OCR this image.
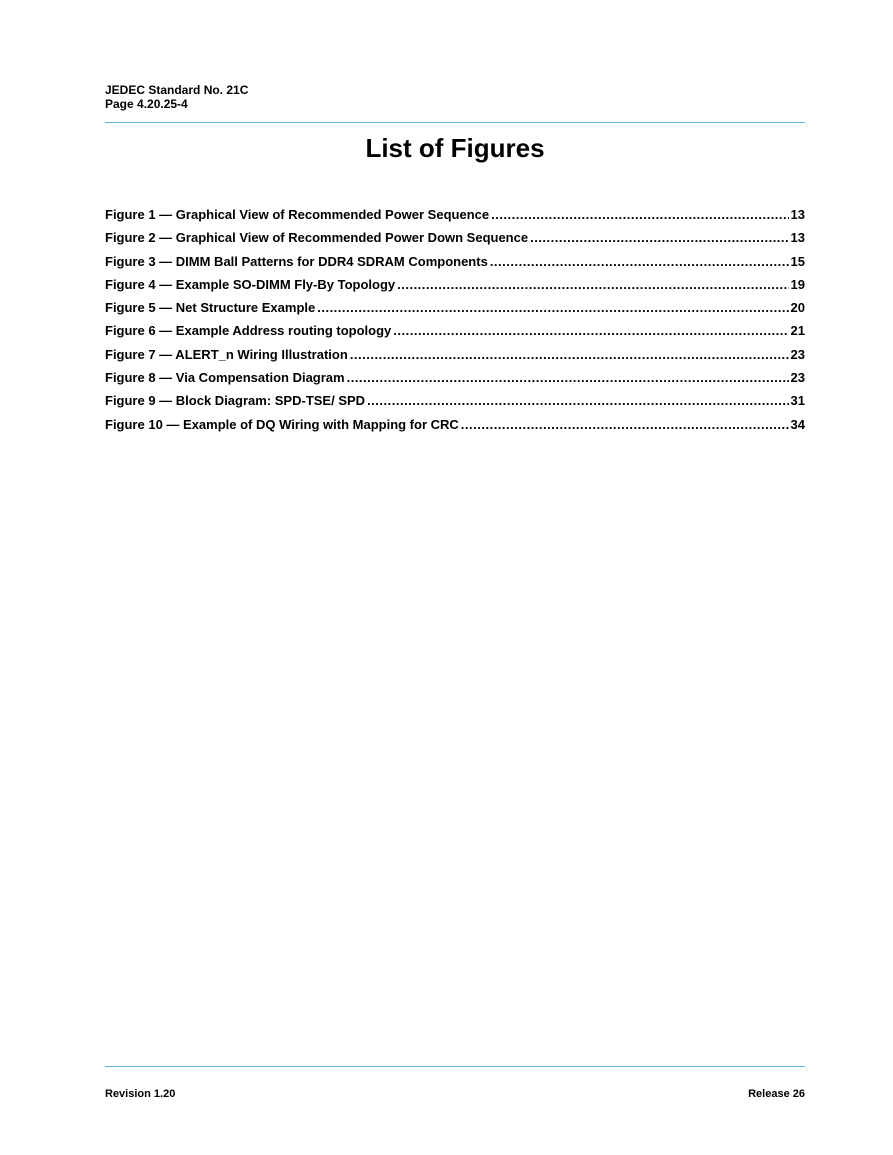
JEDEC Standard No. 21C
Page 4.20.25-4
List of Figures
Figure 1 — Graphical View of Recommended Power Sequence .....	13
Figure 2 — Graphical View of Recommended Power Down Sequence .....	13
Figure 3 — DIMM Ball Patterns for DDR4 SDRAM Components .....	15
Figure 4 — Example SO-DIMM Fly-By Topology .....	19
Figure 5 — Net Structure Example .....	20
Figure 6 — Example Address routing topology .....	21
Figure 7 — ALERT_n Wiring Illustration .....	23
Figure 8 — Via Compensation Diagram .....	23
Figure 9 — Block Diagram: SPD-TSE/ SPD .....	31
Figure 10 — Example of DQ Wiring with Mapping for CRC .....	34
Revision 1.20	Release 26
